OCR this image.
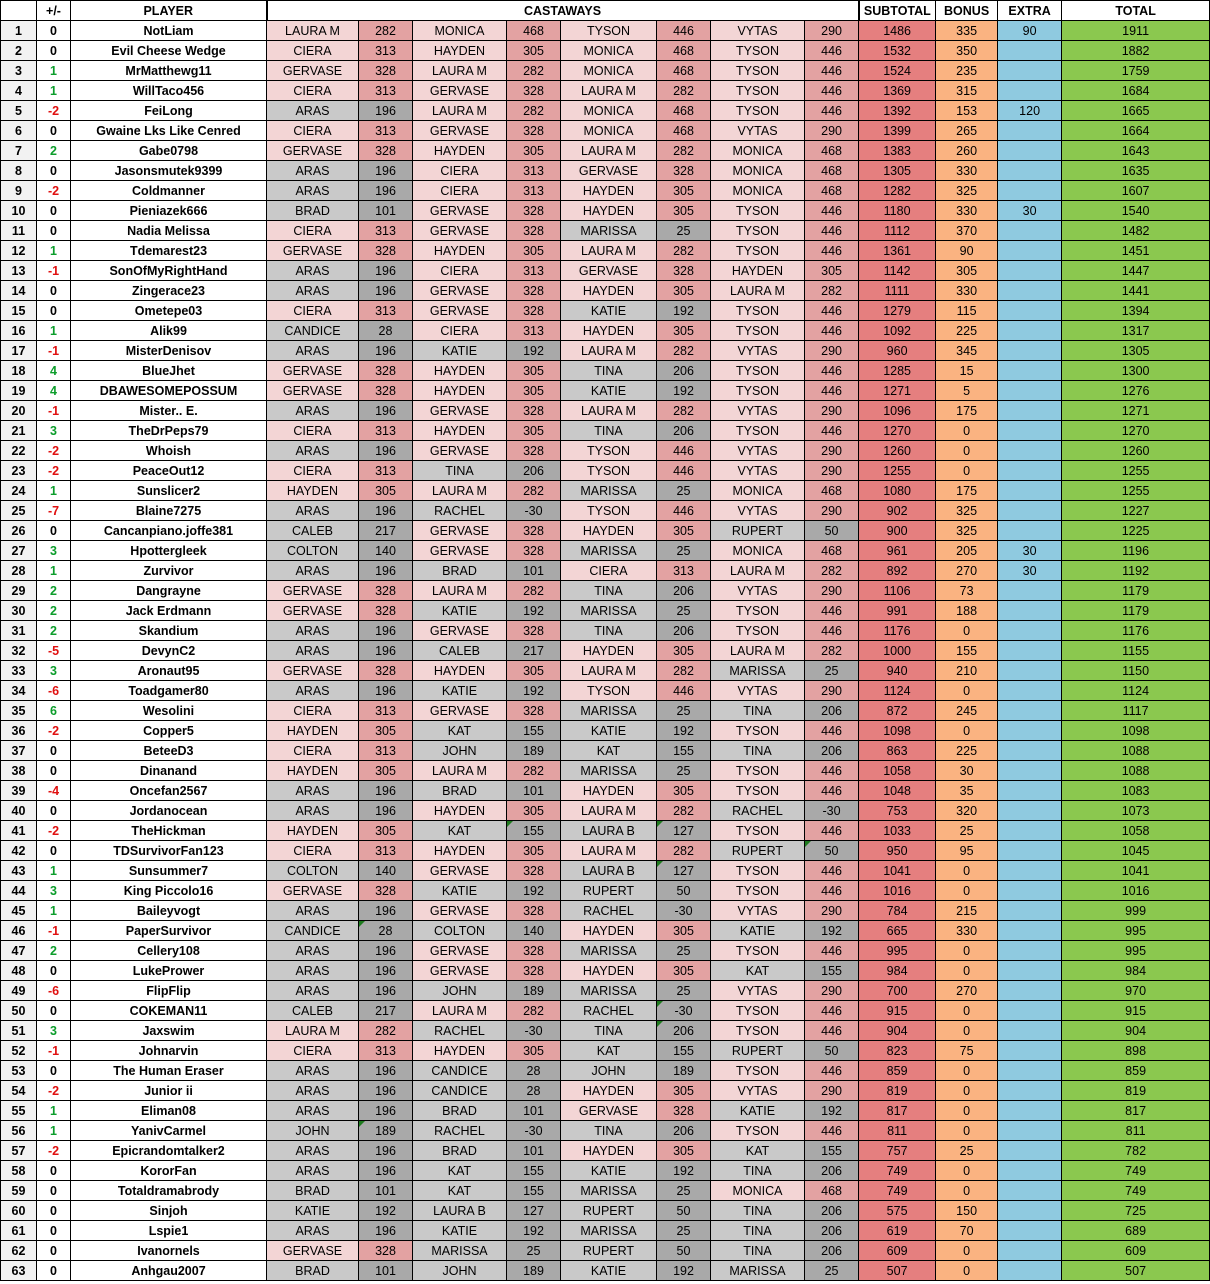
	+/-	PLAYER	CASTAWAYS								SUBTOTAL	BONUS	EXTRA	TOTAL
1	0	NotLiam	LAURA M	282	MONICA	468	TYSON	446	VYTAS	290	1486	335	90	1911
2	0	Evil Cheese Wedge	CIERA	313	HAYDEN	305	MONICA	468	TYSON	446	1532	350		1882
3	1	MrMatthewg11	GERVASE	328	LAURA M	282	MONICA	468	TYSON	446	1524	235		1759
4	1	WillTaco456	CIERA	313	GERVASE	328	LAURA M	282	TYSON	446	1369	315		1684
5	-2	FeiLong	ARAS	196	LAURA M	282	MONICA	468	TYSON	446	1392	153	120	1665
6	0	Gwaine Lks Like Cenred	CIERA	313	GERVASE	328	MONICA	468	VYTAS	290	1399	265		1664
7	2	Gabe0798	GERVASE	328	HAYDEN	305	LAURA M	282	MONICA	468	1383	260		1643
8	0	Jasonsmutek9399	ARAS	196	CIERA	313	GERVASE	328	MONICA	468	1305	330		1635
9	-2	Coldmanner	ARAS	196	CIERA	313	HAYDEN	305	MONICA	468	1282	325		1607
10	0	Pieniazek666	BRAD	101	GERVASE	328	HAYDEN	305	TYSON	446	1180	330	30	1540
11	0	Nadia Melissa	CIERA	313	GERVASE	328	MARISSA	25	TYSON	446	1112	370		1482
12	1	Tdemarest23	GERVASE	328	HAYDEN	305	LAURA M	282	TYSON	446	1361	90		1451
13	-1	SonOfMyRightHand	ARAS	196	CIERA	313	GERVASE	328	HAYDEN	305	1142	305		1447
14	0	Zingerace23	ARAS	196	GERVASE	328	HAYDEN	305	LAURA M	282	1111	330		1441
15	0	Ometepe03	CIERA	313	GERVASE	328	KATIE	192	TYSON	446	1279	115		1394
16	1	Alik99	CANDICE	28	CIERA	313	HAYDEN	305	TYSON	446	1092	225		1317
17	-1	MisterDenisov	ARAS	196	KATIE	192	LAURA M	282	VYTAS	290	960	345		1305
18	4	BlueJhet	GERVASE	328	HAYDEN	305	TINA	206	TYSON	446	1285	15		1300
19	4	DBAWESOMEPOSSUM	GERVASE	328	HAYDEN	305	KATIE	192	TYSON	446	1271	5		1276
20	-1	Mister.. E.	ARAS	196	GERVASE	328	LAURA M	282	VYTAS	290	1096	175		1271
21	3	TheDrPeps79	CIERA	313	HAYDEN	305	TINA	206	TYSON	446	1270	0		1270
22	-2	Whoish	ARAS	196	GERVASE	328	TYSON	446	VYTAS	290	1260	0		1260
23	-2	PeaceOut12	CIERA	313	TINA	206	TYSON	446	VYTAS	290	1255	0		1255
24	1	Sunslicer2	HAYDEN	305	LAURA M	282	MARISSA	25	MONICA	468	1080	175		1255
25	-7	Blaine7275	ARAS	196	RACHEL	-30	TYSON	446	VYTAS	290	902	325		1227
26	0	Cancanpiano.joffe381	CALEB	217	GERVASE	328	HAYDEN	305	RUPERT	50	900	325		1225
27	3	Hpottergleek	COLTON	140	GERVASE	328	MARISSA	25	MONICA	468	961	205	30	1196
28	1	Zurvivor	ARAS	196	BRAD	101	CIERA	313	LAURA M	282	892	270	30	1192
29	2	Dangrayne	GERVASE	328	LAURA M	282	TINA	206	VYTAS	290	1106	73		1179
30	2	Jack Erdmann	GERVASE	328	KATIE	192	MARISSA	25	TYSON	446	991	188		1179
31	2	Skandium	ARAS	196	GERVASE	328	TINA	206	TYSON	446	1176	0		1176
32	-5	DevynC2	ARAS	196	CALEB	217	HAYDEN	305	LAURA M	282	1000	155		1155
33	3	Aronaut95	GERVASE	328	HAYDEN	305	LAURA M	282	MARISSA	25	940	210		1150
34	-6	Toadgamer80	ARAS	196	KATIE	192	TYSON	446	VYTAS	290	1124	0		1124
35	6	Wesolini	CIERA	313	GERVASE	328	MARISSA	25	TINA	206	872	245		1117
36	-2	Copper5	HAYDEN	305	KAT	155	KATIE	192	TYSON	446	1098	0		1098
37	0	BeteeD3	CIERA	313	JOHN	189	KAT	155	TINA	206	863	225		1088
38	0	Dinanand	HAYDEN	305	LAURA M	282	MARISSA	25	TYSON	446	1058	30		1088
39	-4	Oncefan2567	ARAS	196	BRAD	101	HAYDEN	305	TYSON	446	1048	35		1083
40	0	Jordanocean	ARAS	196	HAYDEN	305	LAURA M	282	RACHEL	-30	753	320		1073
41	-2	TheHickman	HAYDEN	305	KAT	155	LAURA B	127	TYSON	446	1033	25		1058
42	0	TDSurvivorFan123	CIERA	313	HAYDEN	305	LAURA M	282	RUPERT	50	950	95		1045
43	1	Sunsummer7	COLTON	140	GERVASE	328	LAURA B	127	TYSON	446	1041	0		1041
44	3	King Piccolo16	GERVASE	328	KATIE	192	RUPERT	50	TYSON	446	1016	0		1016
45	1	Baileyvogt	ARAS	196	GERVASE	328	RACHEL	-30	VYTAS	290	784	215		999
46	-1	PaperSurvivor	CANDICE	28	COLTON	140	HAYDEN	305	KATIE	192	665	330		995
47	2	Cellery108	ARAS	196	GERVASE	328	MARISSA	25	TYSON	446	995	0		995
48	0	LukePrower	ARAS	196	GERVASE	328	HAYDEN	305	KAT	155	984	0		984
49	-6	FlipFlip	ARAS	196	JOHN	189	MARISSA	25	VYTAS	290	700	270		970
50	0	COKEMAN11	CALEB	217	LAURA M	282	RACHEL	-30	TYSON	446	915	0		915
51	3	Jaxswim	LAURA M	282	RACHEL	-30	TINA	206	TYSON	446	904	0		904
52	-1	Johnarvin	CIERA	313	HAYDEN	305	KAT	155	RUPERT	50	823	75		898
53	0	The Human Eraser	ARAS	196	CANDICE	28	JOHN	189	TYSON	446	859	0		859
54	-2	Junior ii	ARAS	196	CANDICE	28	HAYDEN	305	VYTAS	290	819	0		819
55	1	Eliman08	ARAS	196	BRAD	101	GERVASE	328	KATIE	192	817	0		817
56	1	YanivCarmel	JOHN	189	RACHEL	-30	TINA	206	TYSON	446	811	0		811
57	-2	Epicrandomtalker2	ARAS	196	BRAD	101	HAYDEN	305	KAT	155	757	25		782
58	0	KororFan	ARAS	196	KAT	155	KATIE	192	TINA	206	749	0		749
59	0	Totaldramabrody	BRAD	101	KAT	155	MARISSA	25	MONICA	468	749	0		749
60	0	Sinjoh	KATIE	192	LAURA B	127	RUPERT	50	TINA	206	575	150		725
61	0	Lspie1	ARAS	196	KATIE	192	MARISSA	25	TINA	206	619	70		689
62	0	Ivanornels	GERVASE	328	MARISSA	25	RUPERT	50	TINA	206	609	0		609
63	0	Anhgau2007	BRAD	101	JOHN	189	KATIE	192	MARISSA	25	507	0		507
